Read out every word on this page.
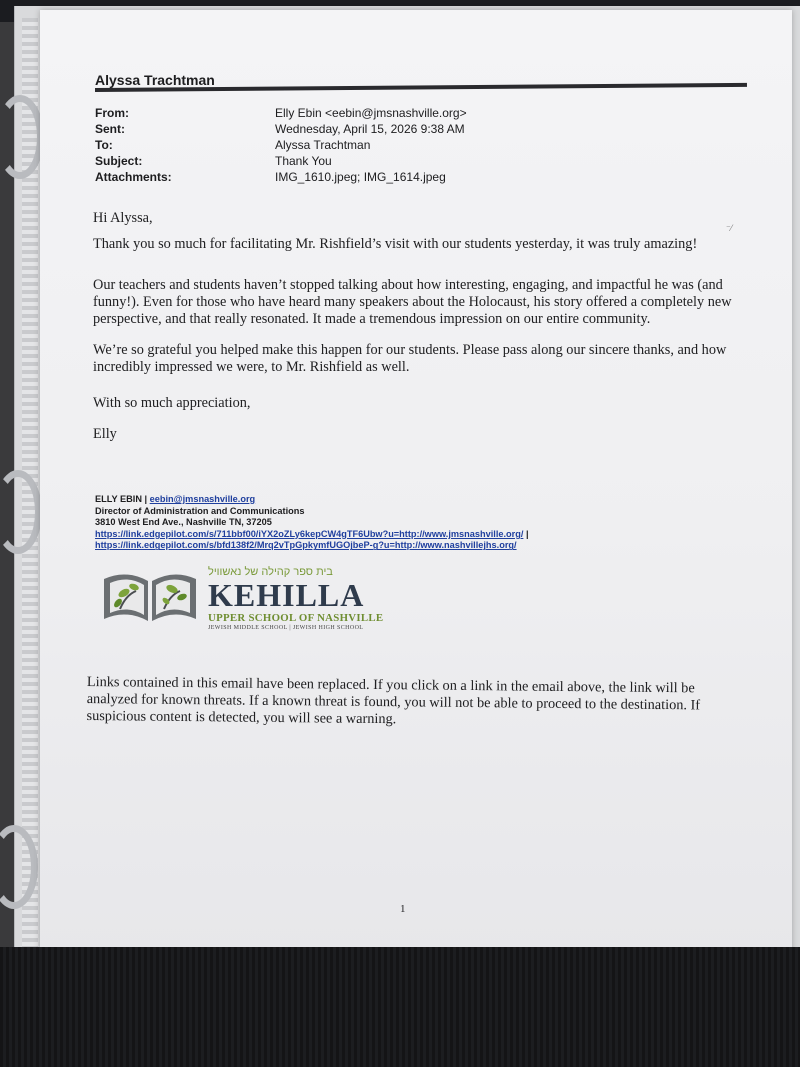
Alyssa Trachtman
From:	Elly Ebin <eebin@jmsnashville.org>
Sent:	Wednesday, April 15, 2026 9:38 AM
To:	Alyssa Trachtman
Subject:	Thank You
Attachments:	IMG_1610.jpeg; IMG_1614.jpeg
Hi Alyssa,
Thank you so much for facilitating Mr. Rishfield’s visit with our students yesterday, it was truly amazing!
Our teachers and students haven’t stopped talking about how interesting, engaging, and impactful he was (and funny!). Even for those who have heard many speakers about the Holocaust, his story offered a completely new perspective, and that really resonated. It made a tremendous impression on our entire community.
We’re so grateful you helped make this happen for our students. Please pass along our sincere thanks, and how incredibly impressed we were, to Mr. Rishfield as well.
With so much appreciation,
Elly
⁻⁄
ELLY EBIN | eebin@jmsnashville.org
Director of Administration and Communications
3810 West End Ave., Nashville TN, 37205
https://link.edgepilot.com/s/711bbf00/iYX2oZLy6kepCW4gTF6Ubw?u=http://www.jmsnashville.org/ |
https://link.edgepilot.com/s/bfd138f2/Mrq2vTpGpkymfUGOjbeP-g?u=http://www.nashvillejhs.org/
בית ספר קהילה של נאשוויל
KEHILLA
UPPER SCHOOL OF NASHVILLE
JEWISH MIDDLE SCHOOL | JEWISH HIGH SCHOOL
Links contained in this email have been replaced. If you click on a link in the email above, the link will be analyzed for known threats. If a known threat is found, you will not be able to proceed to the destination. If suspicious content is detected, you will see a warning.
1
